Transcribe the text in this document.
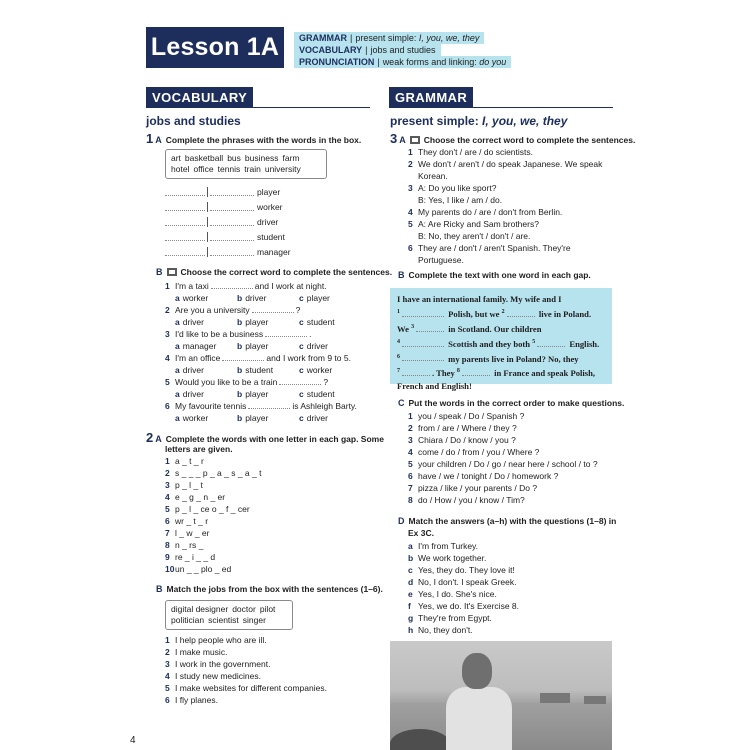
Lesson 1A	GRAMMAR | present simple: I, you, we, they
VOCABULARY | jobs and studies
PRONUNCIATION | weak forms and linking: do you
VOCABULARY
jobs and studies
1 A Complete the phrases with the words in the box.
art basketball bus business farm
hotel office tennis train university
player
worker
driver
student
manager
B Choose the correct word to complete the sentences.
1 I'm a taxi	and I work at night.
a worker	b driver	c player
2 Are you a university	?
a driver	b player	c student
3 I'd like to be a business	.
a manager	b player	c driver
4 I'm an office	and I work from 9 to 5.
a driver	b student	c worker
5 Would you like to be a train	?
a driver	b player	c student
6 My favourite tennis	is Ashleigh Barty.
a worker	b player	c driver
2 A Complete the words with one letter in each gap. Some
letters are given.
1 a _ t _ r
2 s _ _ _ p _ a _ s _ a _ t
3 p _ l _ t
4 e _ g _ n _ er
5 p _ l _ ce o _ f _ cer
6 wr _ t _ r
7 l _ w _ er
8 n _ rs _
9 re _ i _ _ d
10 un _ _ plo _ ed
B Match the jobs from the box with the sentences (1–6).
digital designer doctor pilot
politician scientist singer
1 I help people who are ill.
2 I make music.
3 I work in the government.
4 I study new medicines.
5 I make websites for different companies.
6 I fly planes.
GRAMMAR
present simple: I, you, we, they
3 A Choose the correct word to complete the sentences.
1 They don't / are / do scientists.
2 We don't / aren't / do speak Japanese. We speak
Korean.
3 A: Do you like sport?
B: Yes, I like / am / do.
4 My parents do / are / don't from Berlin.
5 A: Are Ricky and Sam brothers?
B: No, they aren't / don't / are.
6 They are / don't / aren't Spanish. They're
Portuguese.
B Complete the text with one word in each gap.
I have an international family. My wife and I
$^1$	Polish, but we $^2$	live in Poland.
We $^3$	in Scotland. Our children
$^4$	Scottish and they both $^5$	English.
$^6$	my parents live in Poland? No, they
$^7$	. They $^8$	in France and speak Polish,
French and English!
C Put the words in the correct order to make questions.
1 you / speak / Do / Spanish ?
2 from / are / Where / they ?
3 Chiara / Do / know / you ?
4 come / do / from / you / Where ?
5 your children / Do / go / near here / school / to ?
6 have / we / tonight / Do / homework ?
7 pizza / like / your parents / Do ?
8 do / How / you / know / Tim?
D Match the answers (a–h) with the questions (1–8) in
Ex 3C.
a I'm from Turkey.
b We work together.
c Yes, they do. They love it!
d No, I don't. I speak Greek.
e Yes, I do. She's nice.
f Yes, we do. It's Exercise 8.
g They're from Egypt.
h No, they don't.
4
